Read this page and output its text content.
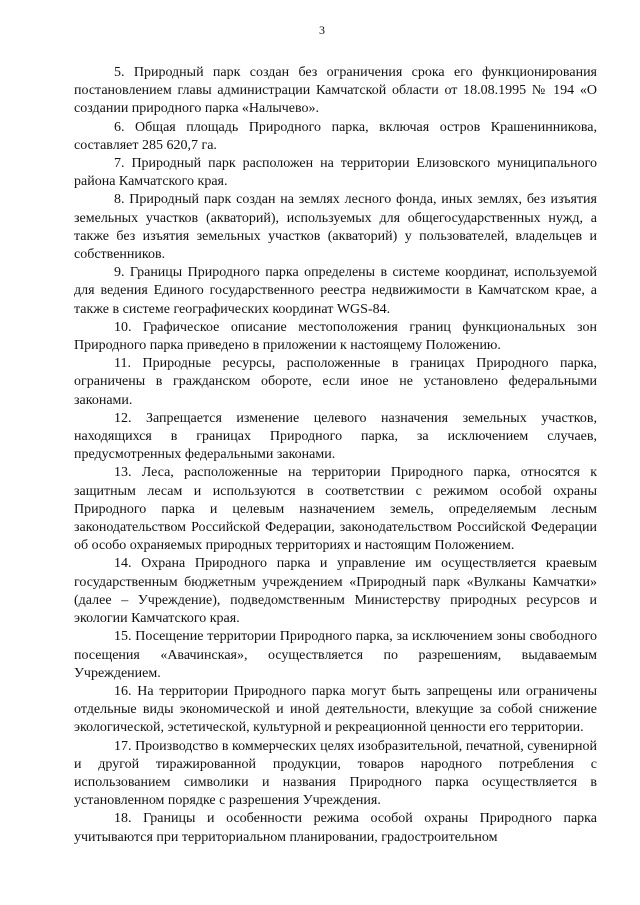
3

5. Природный парк создан без ограничения срока его функционирования постановлением главы администрации Камчатской области от 18.08.1995 № 194 «О создании природного парка «Налычево».

6. Общая площадь Природного парка, включая остров Крашенинникова, составляет 285 620,7 га.

7. Природный парк расположен на территории Елизовского муниципального района Камчатского края.

8. Природный парк создан на землях лесного фонда, иных землях, без изъятия земельных участков (акваторий), используемых для общегосударственных нужд, а также без изъятия земельных участков (акваторий) у пользователей, владельцев и собственников.

9. Границы Природного парка определены в системе координат, используемой для ведения Единого государственного реестра недвижимости в Камчатском крае, а также в системе географических координат WGS-84.

10. Графическое описание местоположения границ функциональных зон Природного парка приведено в приложении к настоящему Положению.

11. Природные ресурсы, расположенные в границах Природного парка, ограничены в гражданском обороте, если иное не установлено федеральными законами.

12. Запрещается изменение целевого назначения земельных участков, находящихся в границах Природного парка, за исключением случаев, предусмотренных федеральными законами.

13. Леса, расположенные на территории Природного парка, относятся к защитным лесам и используются в соответствии с режимом особой охраны Природного парка и целевым назначением земель, определяемым лесным законодательством Российской Федерации, законодательством Российской Федерации об особо охраняемых природных территориях и настоящим Положением.

14. Охрана Природного парка и управление им осуществляется краевым государственным бюджетным учреждением «Природный парк «Вулканы Камчатки» (далее – Учреждение), подведомственным Министерству природных ресурсов и экологии Камчатского края.

15. Посещение территории Природного парка, за исключением зоны свободного посещения «Авачинская», осуществляется по разрешениям, выдаваемым Учреждением.

16. На территории Природного парка могут быть запрещены или ограничены отдельные виды экономической и иной деятельности, влекущие за собой снижение экологической, эстетической, культурной и рекреационной ценности его территории.

17. Производство в коммерческих целях изобразительной, печатной, сувенирной и другой тиражированной продукции, товаров народного потребления с использованием символики и названия Природного парка осуществляется в установленном порядке с разрешения Учреждения.

18. Границы и особенности режима особой охраны Природного парка учитываются при территориальном планировании, градостроительном
